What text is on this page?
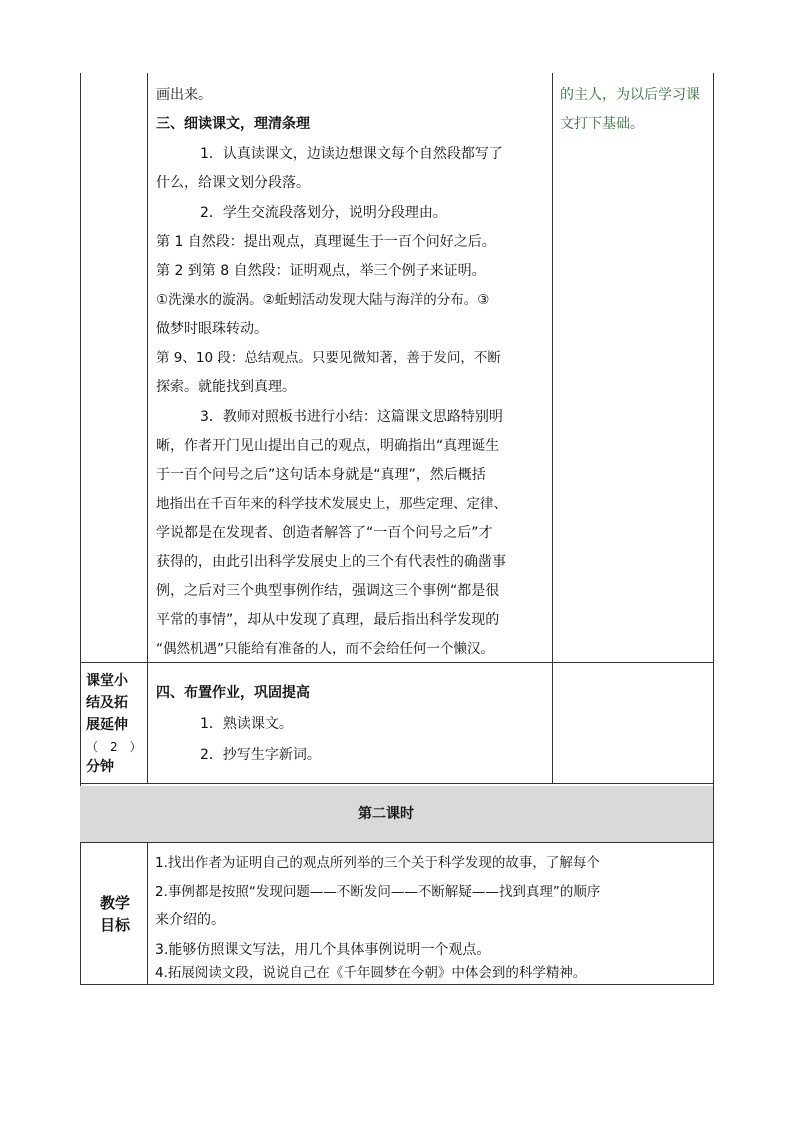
画出来。
三、细读课文，理清条理
1．认真读课文，边读边想课文每个自然段都写了
什么，给课文划分段落。
2．学生交流段落划分，说明分段理由。
第 1 自然段：提出观点，真理诞生于一百个问好之后。
第 2 到第 8 自然段：证明观点，举三个例子来证明。
①洗澡水的漩涡。②蚯蚓活动发现大陆与海洋的分布。③
做梦时眼珠转动。
第 9、10 段：总结观点。只要见微知著，善于发问，不断
探索。就能找到真理。
3．教师对照板书进行小结：这篇课文思路特别明
晰，作者开门见山提出自己的观点，明确指出“真理诞生
于一百个问号之后”这句话本身就是“真理”，然后概括
地指出在千百年来的科学技术发展史上，那些定理、定律、
学说都是在发现者、创造者解答了“一百个问号之后”才
获得的，由此引出科学发展史上的三个有代表性的确凿事
例，之后对三个典型事例作结，强调这三个事例“都是很
平常的事情”，却从中发现了真理，最后指出科学发现的
“偶然机遇”只能给有准备的人，而不会给任何一个懒汉。
的主人，为以后学习课
文打下基础。
课堂小
结及拓
展延伸
（　2　）
分钟
四、布置作业，巩固提高
1．熟读课文。
2．抄写生字新词。
第二课时
教学
目标
1.找出作者为证明自己的观点所列举的三个关于科学发现的故事，了解每个
2.事例都是按照“发现问题——不断发问——不断解疑——找到真理”的顺序
来介绍的。
3.能够仿照课文写法，用几个具体事例说明一个观点。
4.拓展阅读文段，说说自己在《千年圆梦在今朝》中体会到的科学精神。
